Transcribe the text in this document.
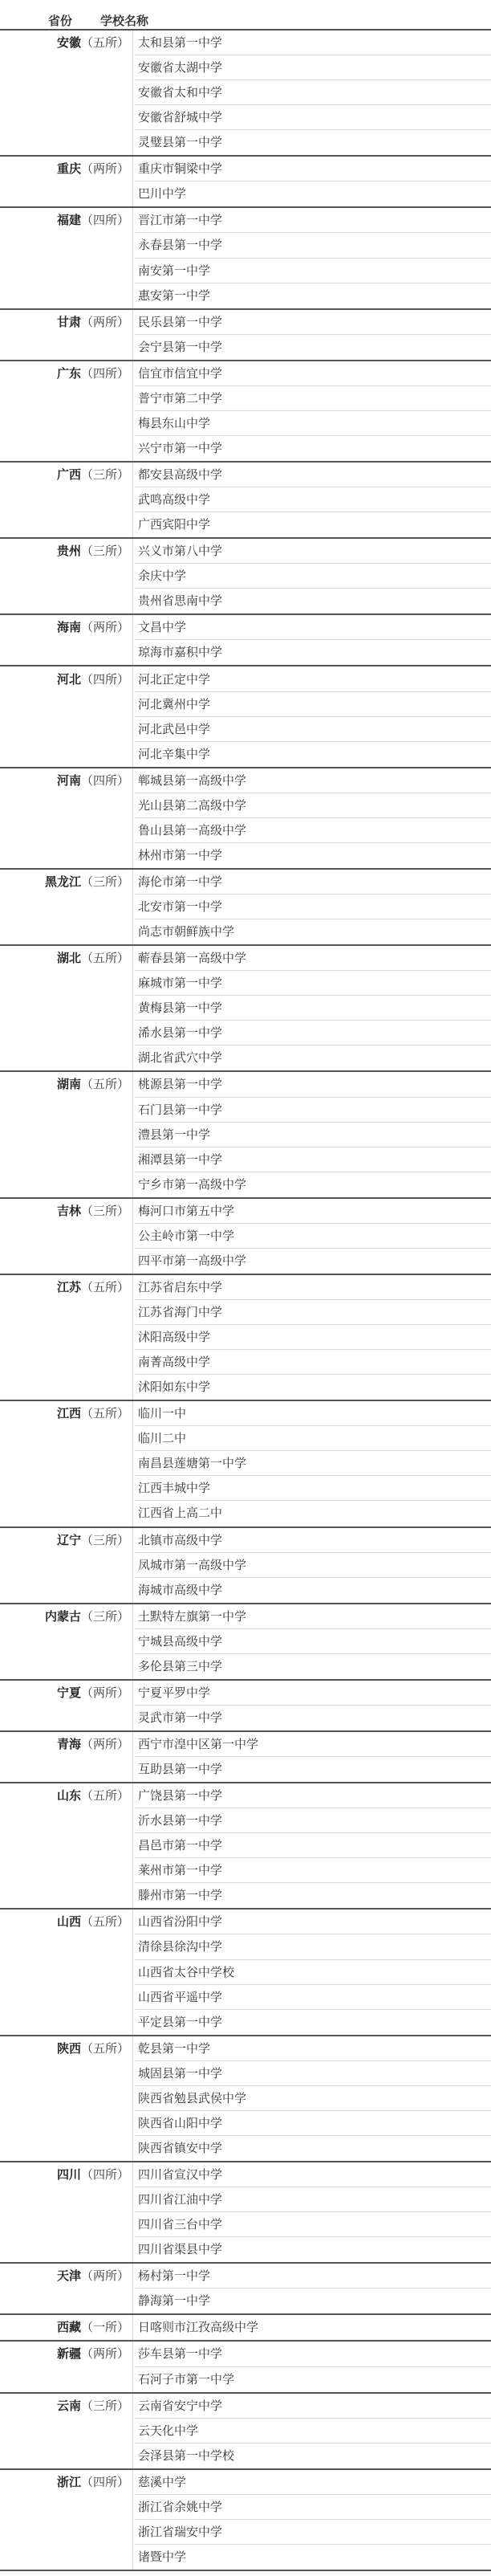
省份 学校名称
安徽（五所） 太和县第一中学
安徽省太湖中学
安徽省太和中学
安徽省舒城中学
灵璧县第一中学
重庆（两所） 重庆市铜梁中学
巴川中学
福建（四所） 晋江市第一中学
永春县第一中学
南安第一中学
惠安第一中学
甘肃（两所） 民乐县第一中学
会宁县第一中学
广东（四所） 信宜市信宜中学
普宁市第二中学
梅县东山中学
兴宁市第一中学
广西（三所） 都安县高级中学
武鸣高级中学
广西宾阳中学
贵州（三所） 兴义市第八中学
余庆中学
贵州省思南中学
海南（两所） 文昌中学
琼海市嘉积中学
河北（四所） 河北正定中学
河北冀州中学
河北武邑中学
河北辛集中学
河南（四所） 郸城县第一高级中学
光山县第二高级中学
鲁山县第一高级中学
林州市第一中学
黑龙江（三所） 海伦市第一中学
北安市第一中学
尚志市朝鲜族中学
湖北（五所） 蕲春县第一高级中学
麻城市第一中学
黄梅县第一中学
浠水县第一中学
湖北省武穴中学
湖南（五所） 桃源县第一中学
石门县第一中学
澧县第一中学
湘潭县第一中学
宁乡市第一高级中学
吉林（三所） 梅河口市第五中学
公主岭市第一中学
四平市第一高级中学
江苏（五所） 江苏省启东中学
江苏省海门中学
沭阳高级中学
南菁高级中学
沭阳如东中学
江西（五所） 临川一中
临川二中
南昌县莲塘第一中学
江西丰城中学
江西省上高二中
辽宁（三所） 北镇市高级中学
凤城市第一高级中学
海城市高级中学
内蒙古（三所） 土默特左旗第一中学
宁城县高级中学
多伦县第三中学
宁夏（两所） 宁夏平罗中学
灵武市第一中学
青海（两所） 西宁市湟中区第一中学
互助县第一中学
山东（五所） 广饶县第一中学
沂水县第一中学
昌邑市第一中学
莱州市第一中学
滕州市第一中学
山西（五所） 山西省汾阳中学
清徐县徐沟中学
山西省太谷中学校
山西省平遥中学
平定县第一中学
陕西（五所） 乾县第一中学
城固县第一中学
陕西省勉县武侯中学
陕西省山阳中学
陕西省镇安中学
四川（四所） 四川省宣汉中学
四川省江油中学
四川省三台中学
四川省渠县中学
天津（两所） 杨村第一中学
静海第一中学
西藏（一所） 日喀则市江孜高级中学
新疆（两所） 莎车县第一中学
石河子市第一中学
云南（三所） 云南省安宁中学
云天化中学
会泽县第一中学校
浙江（四所） 慈溪中学
浙江省余姚中学
浙江省瑞安中学
诸暨中学
